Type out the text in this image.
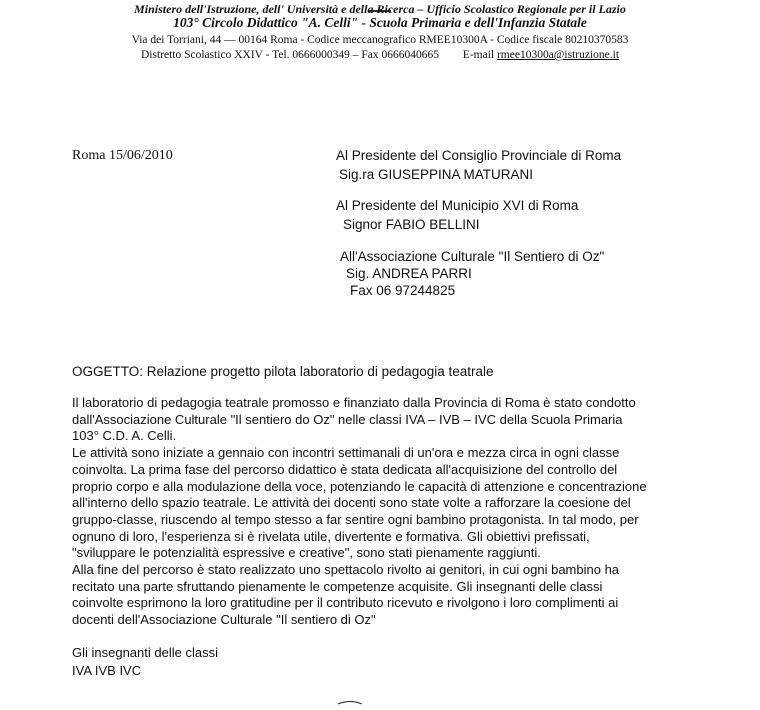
Ministero dell'Istruzione, dell' Università e della Ricerca – Ufficio Scolastico Regionale per il Lazio
103° Circolo Didattico "A. Celli" - Scuola Primaria e dell'Infanzia Statale
Via dei Torriani, 44 — 00164 Roma - Codice meccanografico RMEE10300A - Codice fiscale 80210370583
Distretto Scolastico XXIV - Tel. 0666000349 – Fax 0666040665 E-mail rmee10300a@istruzione.it
Roma 15/06/2010	Al Presidente del Consiglio Provinciale di Roma
Sig.ra GIUSEPPINA MATURANI
Al Presidente del Municipio XVI di Roma
Signor FABIO BELLINI
All'Associazione Culturale "Il Sentiero di Oz"
Sig. ANDREA PARRI
Fax 06 97244825
OGGETTO: Relazione progetto pilota laboratorio di pedagogia teatrale

Il laboratorio di pedagogia teatrale promosso e finanziato dalla Provincia di Roma è stato condotto

dall'Associazione Culturale "Il sentiero do Oz" nelle classi IVA – IVB – IVC della Scuola Primaria

103° C.D. A. Celli.

Le attività sono iniziate a gennaio con incontri settimanali di un'ora e mezza circa in ogni classe

coinvolta. La prima fase del percorso didattico è stata dedicata all'acquisizione del controllo del

proprio corpo e alla modulazione della voce, potenziando le capacità di attenzione e concentrazione

all'interno dello spazio teatrale. Le attività dei docenti sono state volte a rafforzare la coesione del

gruppo-classe, riuscendo al tempo stesso a far sentire ogni bambino protagonista. In tal modo, per

ognuno di loro, l'esperienza si è rivelata utile, divertente e formativa. Gli obiettivi prefissati,

"sviluppare le potenzialità espressive e creative", sono stati pienamente raggiunti.

Alla fine del percorso è stato realizzato uno spettacolo rivolto ai genitori, in cui ogni bambino ha

recitato una parte sfruttando pienamente le competenze acquisite. Gli insegnanti delle classi

coinvolte esprimono la loro gratitudine per il contributo ricevuto e rivolgono i loro complimenti ai

docenti dell'Associazione Culturale "Il sentiero di Oz"

Gli insegnanti delle classi
IVA IVB IVC
